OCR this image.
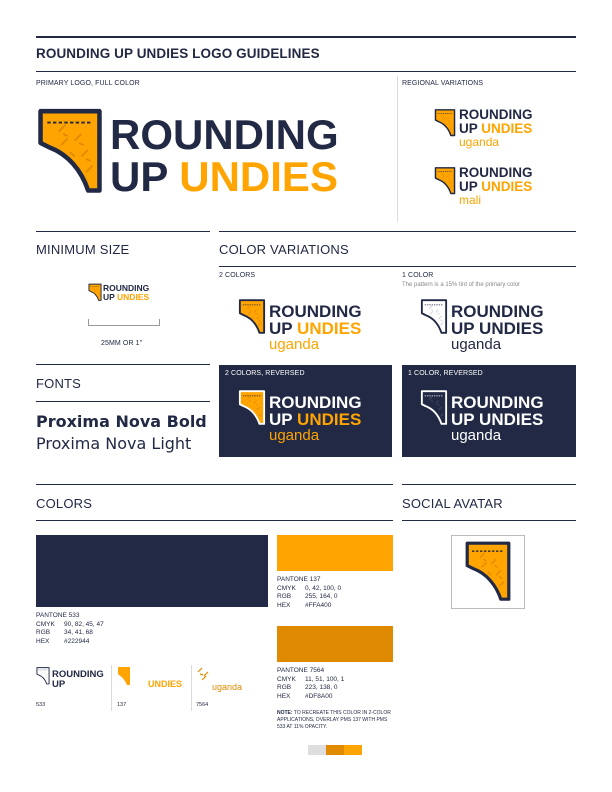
ROUNDING UP UNDIES LOGO GUIDELINES
PRIMARY LOGO, FULL COLOR
ROUNDING
UP UNDIES
REGIONAL VARIATIONS
ROUNDING
UP UNDIES
uganda
ROUNDING
UP UNDIES
mali
MINIMUM SIZE
ROUNDING
UP UNDIES
25MM OR 1"
FONTS
Proxima Nova Bold
Proxima Nova Light
COLOR VARIATIONS
2 COLORS	1 COLOR
The pattern is a 15% tint of the primary color
ROUNDING
UP UNDIES
uganda
ROUNDING
UP UNDIES
uganda
2 COLORS, REVERSED
ROUNDING
UP UNDIES
uganda
1 COLOR, REVERSED
ROUNDING
UP UNDIES
uganda
COLORS
PANTONE 533
CMYK 90, 82, 45, 47
RGB 34, 41, 68
HEX #222944
PANTONE 137
CMYK 0, 42, 100, 0
RGB 255, 164, 0
HEX #FFA400
PANTONE 7564
CMYK 11, 51, 100, 1
RGB 223, 138, 0
HEX #DF8A00
NOTE: TO RECREATE THIS COLOR IN 2-COLOR APPLICATIONS, OVERLAY PMS 137 WITH PMS 533 AT 11% OPACITY.
ROUNDING
UP	UNDIES	uganda
533	137	7564
SOCIAL AVATAR
